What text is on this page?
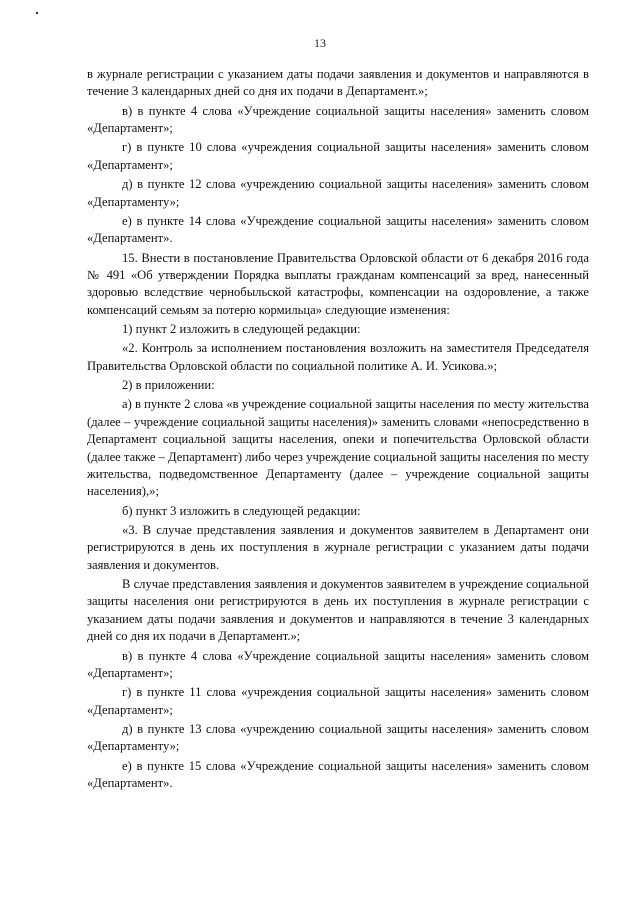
13

в журнале регистрации с указанием даты подачи заявления и документов и направляются в течение 3 календарных дней со дня их подачи в Департамент.»;

в) в пункте 4 слова «Учреждение социальной защиты населения» заменить словом «Департамент»;

г) в пункте 10 слова «учреждения социальной защиты населения» заменить словом «Департамент»;

д) в пункте 12 слова «учреждению социальной защиты населения» заменить словом «Департаменту»;

е) в пункте 14 слова «Учреждение социальной защиты населения» заменить словом «Департамент».

15. Внести в постановление Правительства Орловской области от 6 декабря 2016 года № 491 «Об утверждении Порядка выплаты гражданам компенсаций за вред, нанесенный здоровью вследствие чернобыльской катастрофы, компенсации на оздоровление, а также компенсаций семьям за потерю кормильца» следующие изменения:

1) пункт 2 изложить в следующей редакции:

«2. Контроль за исполнением постановления возложить на заместителя Председателя Правительства Орловской области по социальной политике А. И. Усикова.»;

2) в приложении:

а) в пункте 2 слова «в учреждение социальной защиты населения по месту жительства (далее – учреждение социальной защиты населения)» заменить словами «непосредственно в Департамент социальной защиты населения, опеки и попечительства Орловской области (далее также – Департамент) либо через учреждение социальной защиты населения по месту жительства, подведомственное Департаменту (далее – учреждение социальной защиты населения),»;

б) пункт 3 изложить в следующей редакции:

«3. В случае представления заявления и документов заявителем в Департамент они регистрируются в день их поступления в журнале регистрации с указанием даты подачи заявления и документов.

В случае представления заявления и документов заявителем в учреждение социальной защиты населения они регистрируются в день их поступления в журнале регистрации с указанием даты подачи заявления и документов и направляются в течение 3 календарных дней со дня их подачи в Департамент.»;

в) в пункте 4 слова «Учреждение социальной защиты населения» заменить словом «Департамент»;

г) в пункте 11 слова «учреждения социальной защиты населения» заменить словом «Департамент»;

д) в пункте 13 слова «учреждению социальной защиты населения» заменить словом «Департаменту»;

е) в пункте 15 слова «Учреждение социальной защиты населения» заменить словом «Департамент».
